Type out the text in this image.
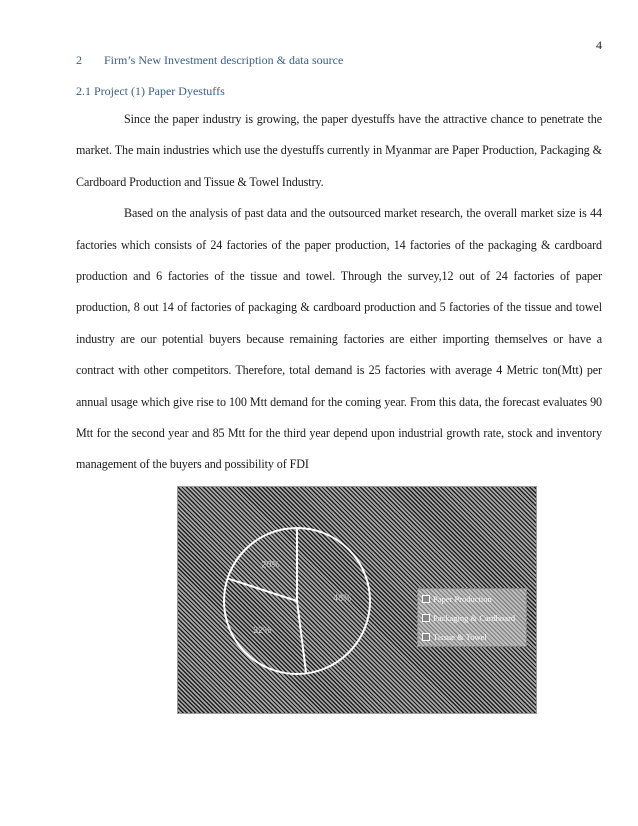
4
2 Firm’s New Investment description & data source
2.1 Project (1) Paper Dyestuffs

Since the paper industry is growing, the paper dyestuffs have the attractive chance to penetrate the market. The main industries which use the dyestuffs currently in Myanmar are Paper Production, Packaging & Cardboard Production and Tissue & Towel Industry.

Based on the analysis of past data and the outsourced market research, the overall market size is 44 factories which consists of 24 factories of the paper production, 14 factories of the packaging & cardboard production and 6 factories of the tissue and towel. Through the survey,12 out of 24 factories of paper production, 8 out 14 of factories of packaging & cardboard production and 5 factories of the tissue and towel industry are our potential buyers because remaining factories are either importing themselves or have a contract with other competitors. Therefore, total demand is 25 factories with average 4 Metric ton(Mtt) per annual usage which give rise to 100 Mtt demand for the coming year. From this data, the forecast evaluates 90 Mtt for the second year and 85 Mtt for the third year depend upon industrial growth rate, stock and inventory management of the buyers and possibility of FDI

48%
32%
20%
Paper Production
Packaging & Cardboard
Tissue & Towel
